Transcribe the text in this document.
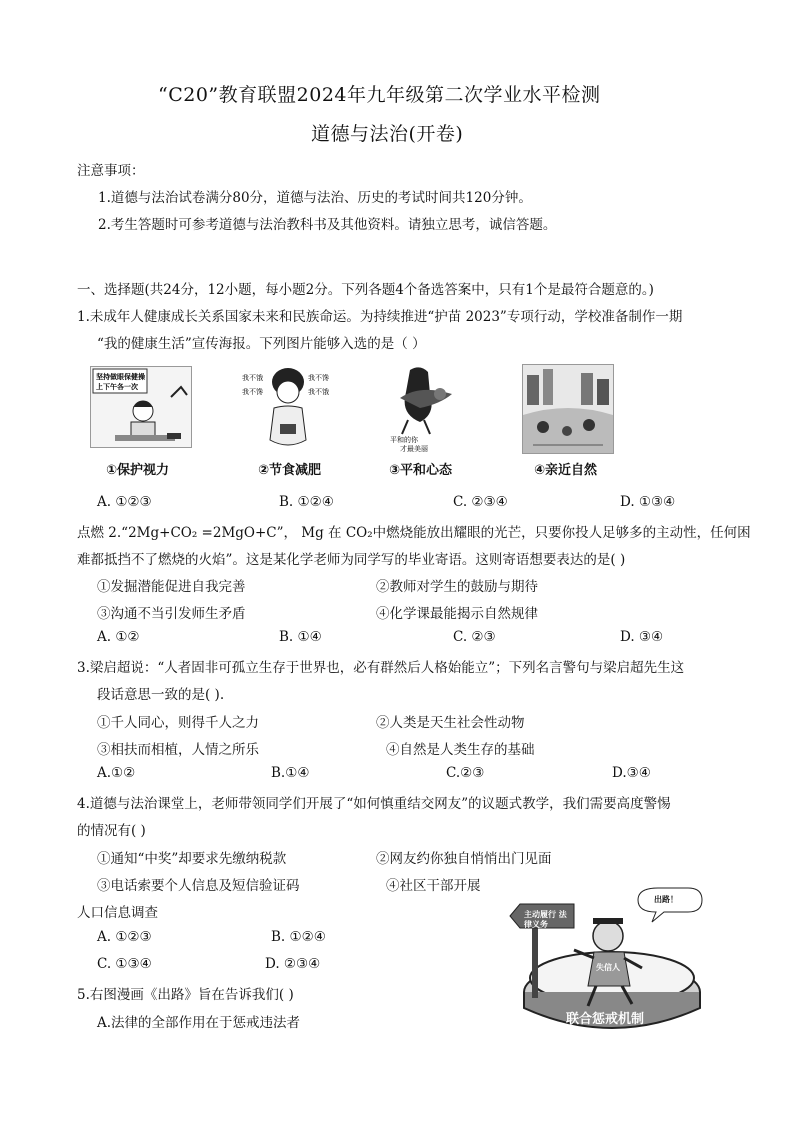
“C20”教育联盟2024年九年级第二次学业水平检测
道德与法治(开卷)
注意事项：
1.道德与法治试卷满分80分，道德与法治、历史的考试时间共120分钟。
2.考生答题时可参考道德与法治教科书及其他资料。请独立思考，诚信答题。
一、选择题(共24分，12小题，每小题2分。下列各题4个备选答案中，只有1个是最符合题意的。)
1.未成年人健康成长关系国家未来和民族命运。为持续推进“护苗 2023”专项行动，学校准备制作一期
“我的健康生活”宣传海报。下列图片能够入选的是（ ）
坚持做眼保健操
上下午各一次
①保护视力
我不饿
我不馋
我不馋
我不饿
②节食减肥
平和的你
才最美丽
③平和心态	④亲近自然
A. ①②③	B. ①②④	C. ②③④	D. ①③④
点燃 2.“2Mg+CO₂ =2MgO+C”， Mg 在 CO₂中燃烧能放出耀眼的光芒，只要你投人足够多的主动性，任何困
难都抵挡不了燃烧的火焰”。这是某化学老师为同学写的毕业寄语。这则寄语想要表达的是( )
①发掘潜能促进自我完善	②教师对学生的鼓励与期待
③沟通不当引发师生矛盾	④化学课最能揭示自然规律
A. ①②	B. ①④	C. ②③	D. ③④
3.梁启超说：“人者固非可孤立生存于世界也，必有群然后人格始能立”；下列名言警句与梁启超先生这
段话意思一致的是( ).
①千人同心，则得千人之力	②人类是天生社会性动物
③相扶而相植，人情之所乐	④自然是人类生存的基础
A.①②	B.①④	C.②③	D.③④
4.道德与法治课堂上，老师带领同学们开展了“如何慎重结交网友”的议题式教学，我们需要高度警惕
的情况有( )
①通知“中奖”却要求先缴纳税款	②网友约你独自悄悄出门见面
③电话索要个人信息及短信验证码	④社区干部开展
人口信息调查
A. ①②③	B. ①②④
C. ①③④	D. ②③④
5.右图漫画《出路》旨在告诉我们( )
A.法律的全部作用在于惩戒违法者
主动履行 法律义务
出路！
失信人
联合惩戒机制
